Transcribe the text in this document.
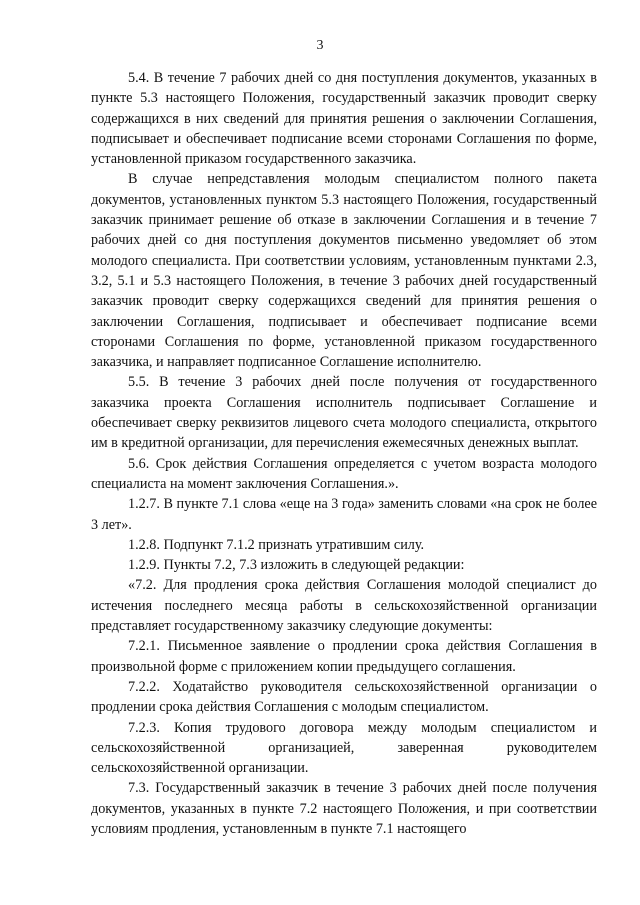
3

5.4. В течение 7 рабочих дней со дня поступления документов, указанных в пункте 5.3 настоящего Положения, государственный заказчик проводит сверку содержащихся в них сведений для принятия решения о заключении Соглашения, подписывает и обеспечивает подписание всеми сторонами Соглашения по форме, установленной приказом государственного заказчика.

В случае непредставления молодым специалистом полного пакета документов, установленных пунктом 5.3 настоящего Положения, государственный заказчик принимает решение об отказе в заключении Соглашения и в течение 7 рабочих дней со дня поступления документов письменно уведомляет об этом молодого специалиста. При соответствии условиям, установленным пунктами 2.3, 3.2, 5.1 и 5.3 настоящего Положения, в течение 3 рабочих дней государственный заказчик проводит сверку содержащихся сведений для принятия решения о заключении Соглашения, подписывает и обеспечивает подписание всеми сторонами Соглашения по форме, установленной приказом государственного заказчика, и направляет подписанное Соглашение исполнителю.

5.5. В течение 3 рабочих дней после получения от государственного заказчика проекта Соглашения исполнитель подписывает Соглашение и обеспечивает сверку реквизитов лицевого счета молодого специалиста, открытого им в кредитной организации, для перечисления ежемесячных денежных выплат.

5.6. Срок действия Соглашения определяется с учетом возраста молодого специалиста на момент заключения Соглашения.».

1.2.7. В пункте 7.1 слова «еще на 3 года» заменить словами «на срок не более 3 лет».

1.2.8. Подпункт 7.1.2 признать утратившим силу.

1.2.9. Пункты 7.2, 7.3 изложить в следующей редакции:

«7.2. Для продления срока действия Соглашения молодой специалист до истечения последнего месяца работы в сельскохозяйственной организации представляет государственному заказчику следующие документы:

7.2.1. Письменное заявление о продлении срока действия Соглашения в произвольной форме с приложением копии предыдущего соглашения.

7.2.2. Ходатайство руководителя сельскохозяйственной организации о продлении срока действия Соглашения с молодым специалистом.

7.2.3. Копия трудового договора между молодым специалистом и сельскохозяйственной организацией, заверенная руководителем сельскохозяйственной организации.

7.3. Государственный заказчик в течение 3 рабочих дней после получения документов, указанных в пункте 7.2 настоящего Положения, и при соответствии условиям продления, установленным в пункте 7.1 настоящего
